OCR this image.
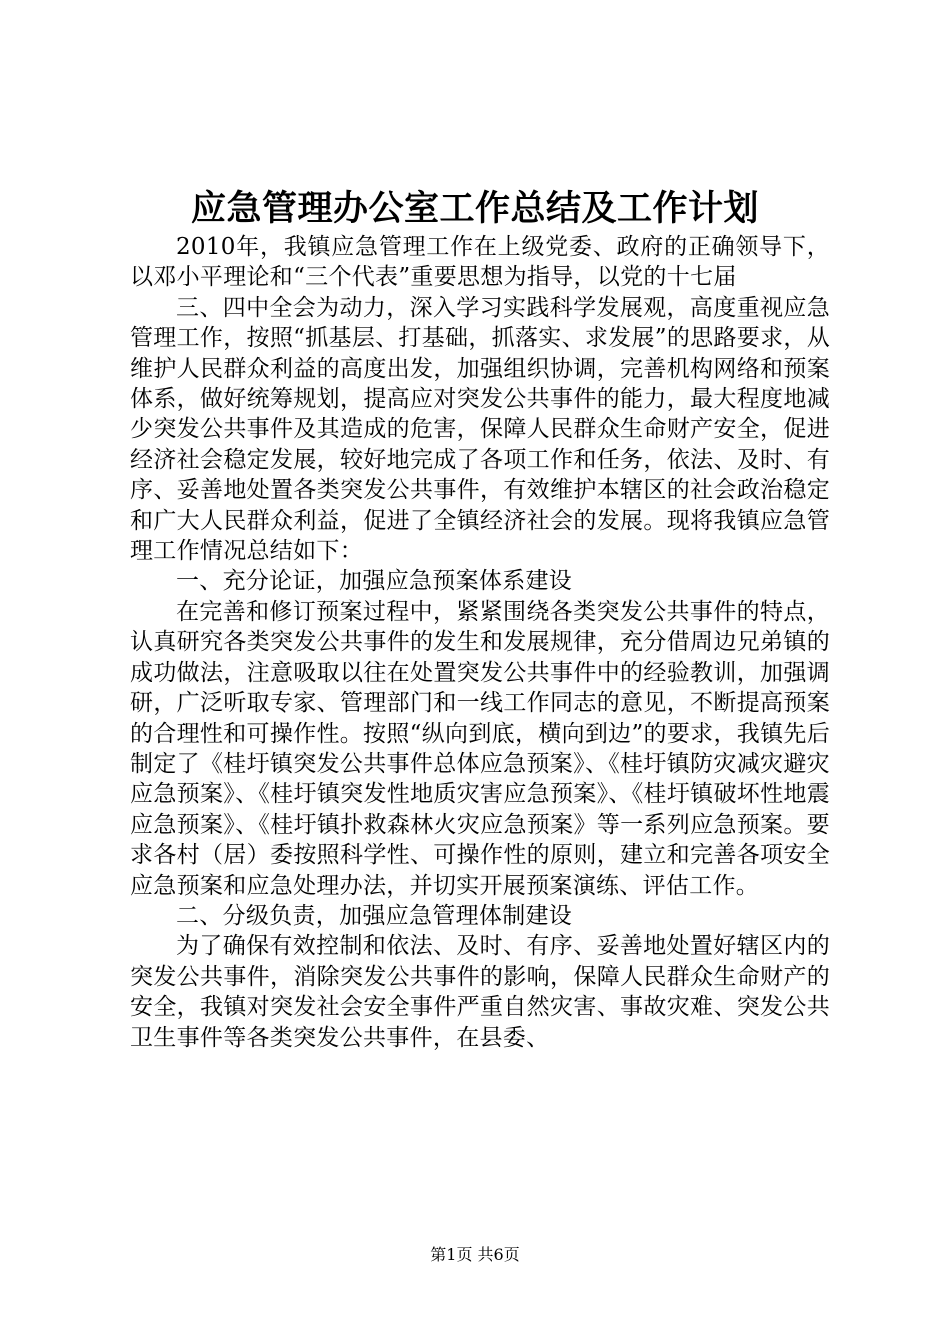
应急管理办公室工作总结及工作计划

2010年，我镇应急管理工作在上级党委、政府的正确领导下，以邓小平理论和“三个代表”重要思想为指导，以党的十七届

三、四中全会为动力，深入学习实践科学发展观，高度重视应急管理工作，按照“抓基层、打基础，抓落实、求发展”的思路要求，从维护人民群众利益的高度出发，加强组织协调，完善机构网络和预案体系，做好统筹规划，提高应对突发公共事件的能力，最大程度地减少突发公共事件及其造成的危害，保障人民群众生命财产安全，促进经济社会稳定发展，较好地完成了各项工作和任务，依法、及时、有序、妥善地处置各类突发公共事件，有效维护本辖区的社会政治稳定和广大人民群众利益，促进了全镇经济社会的发展。现将我镇应急管理工作情况总结如下：

一、充分论证，加强应急预案体系建设

在完善和修订预案过程中，紧紧围绕各类突发公共事件的特点，认真研究各类突发公共事件的发生和发展规律，充分借周边兄弟镇的成功做法，注意吸取以往在处置突发公共事件中的经验教训，加强调研，广泛听取专家、管理部门和一线工作同志的意见，不断提高预案的合理性和可操作性。按照“纵向到底，横向到边”的要求，我镇先后制定了《桂圩镇突发公共事件总体应急预案》、《桂圩镇防灾减灾避灾应急预案》、《桂圩镇突发性地质灾害应急预案》、《桂圩镇破坏性地震应急预案》、《桂圩镇扑救森林火灾应急预案》等一系列应急预案。要求各村（居）委按照科学性、可操作性的原则，建立和完善各项安全应急预案和应急处理办法，并切实开展预案演练、评估工作。

二、分级负责，加强应急管理体制建设

为了确保有效控制和依法、及时、有序、妥善地处置好辖区内的突发公共事件，消除突发公共事件的影响，保障人民群众生命财产的安全，我镇对突发社会安全事件严重自然灾害、事故灾难、突发公共卫生事件等各类突发公共事件，在县委、

第1页 共6页
